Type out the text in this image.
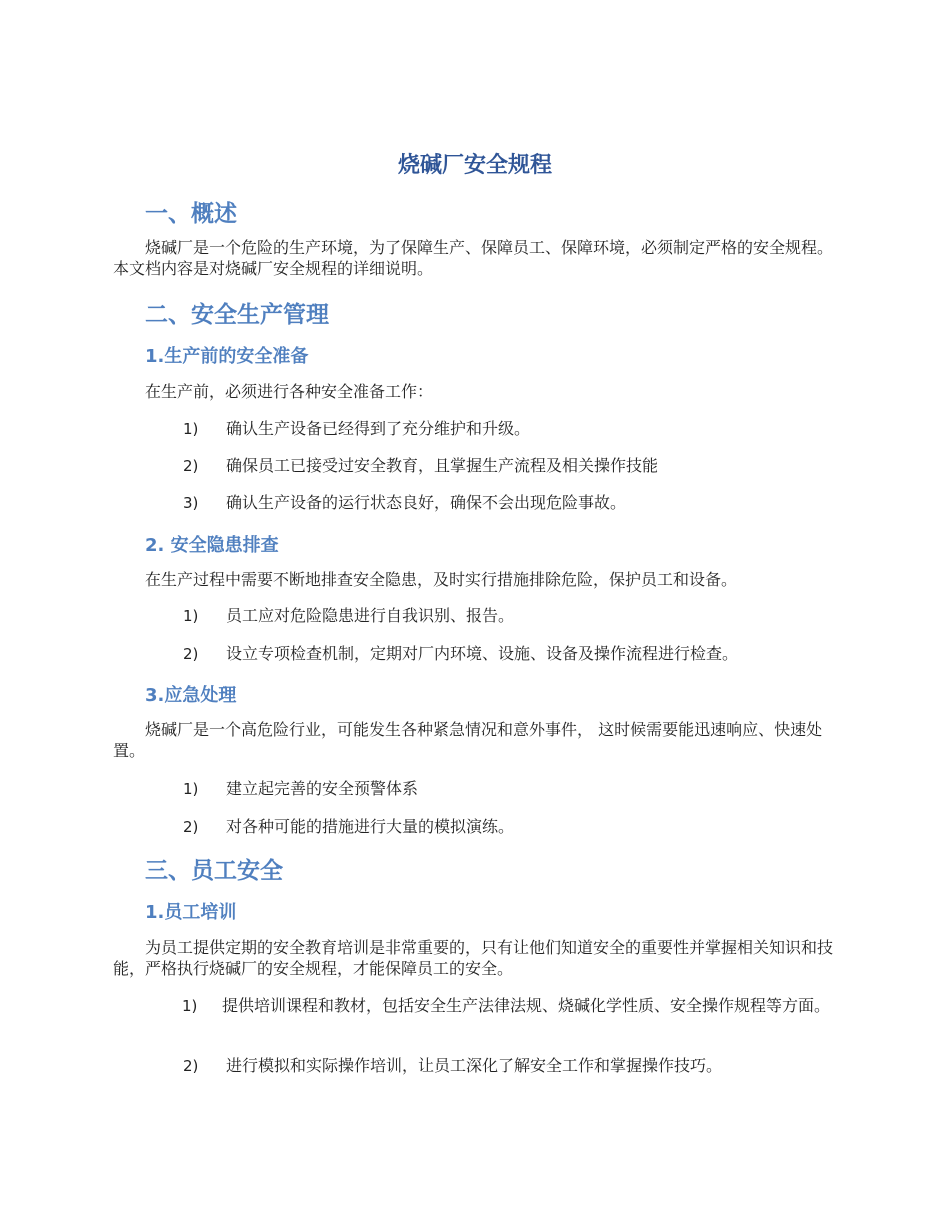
烧碱厂安全规程
一、概述
烧碱厂是一个危险的生产环境，为了保障生产、保障员工、保障环境，必须制定严格的安全规程。本文档内容是对烧碱厂安全规程的详细说明。
二、安全生产管理
1.生产前的安全准备
在生产前，必须进行各种安全准备工作：
1) 确认生产设备已经得到了充分维护和升级。
2) 确保员工已接受过安全教育，且掌握生产流程及相关操作技能
3) 确认生产设备的运行状态良好，确保不会出现危险事故。
2. 安全隐患排查
在生产过程中需要不断地排查安全隐患，及时实行措施排除危险，保护员工和设备。
1) 员工应对危险隐患进行自我识别、报告。
2) 设立专项检查机制，定期对厂内环境、设施、设备及操作流程进行检查。
3.应急处理
烧碱厂是一个高危险行业，可能发生各种紧急情况和意外事件， 这时候需要能迅速响应、快速处置。
1) 建立起完善的安全预警体系
2) 对各种可能的措施进行大量的模拟演练。
三、员工安全
1.员工培训
为员工提供定期的安全教育培训是非常重要的，只有让他们知道安全的重要性并掌握相关知识和技能，严格执行烧碱厂的安全规程，才能保障员工的安全。
1) 提供培训课程和教材，包括安全生产法律法规、烧碱化学性质、安全操作规程等方面。
2) 进行模拟和实际操作培训，让员工深化了解安全工作和掌握操作技巧。
